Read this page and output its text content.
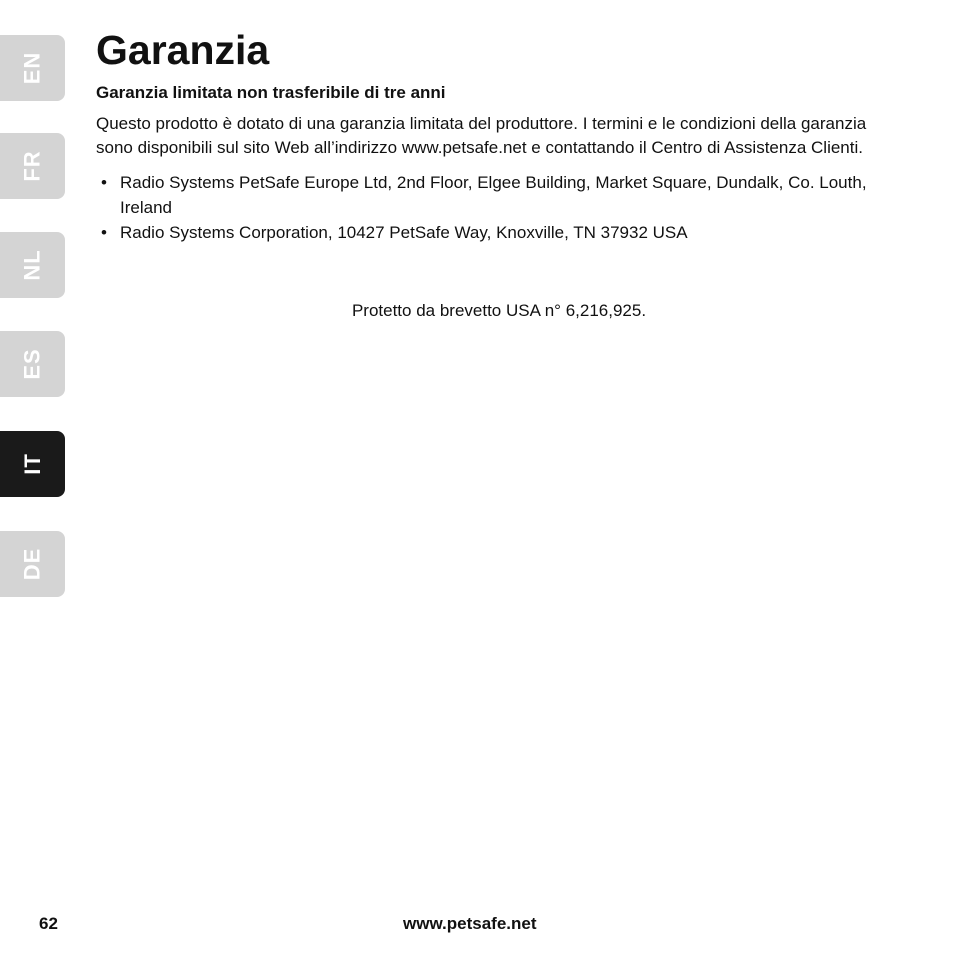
EN
FR
NL
ES
IT
DE
Garanzia
Garanzia limitata non trasferibile di tre anni

Questo prodotto è dotato di una garanzia limitata del produttore. I termini e le condizioni della garanzia sono disponibili sul sito Web all’indirizzo www.petsafe.net e contattando il Centro di Assistenza Clienti.

• Radio Systems PetSafe Europe Ltd, 2nd Floor, Elgee Building, Market Square, Dundalk, Co. Louth, Ireland
• Radio Systems Corporation, 10427 PetSafe Way, Knoxville, TN 37932 USA
Protetto da brevetto USA n° 6,216,925.
62	www.petsafe.net
